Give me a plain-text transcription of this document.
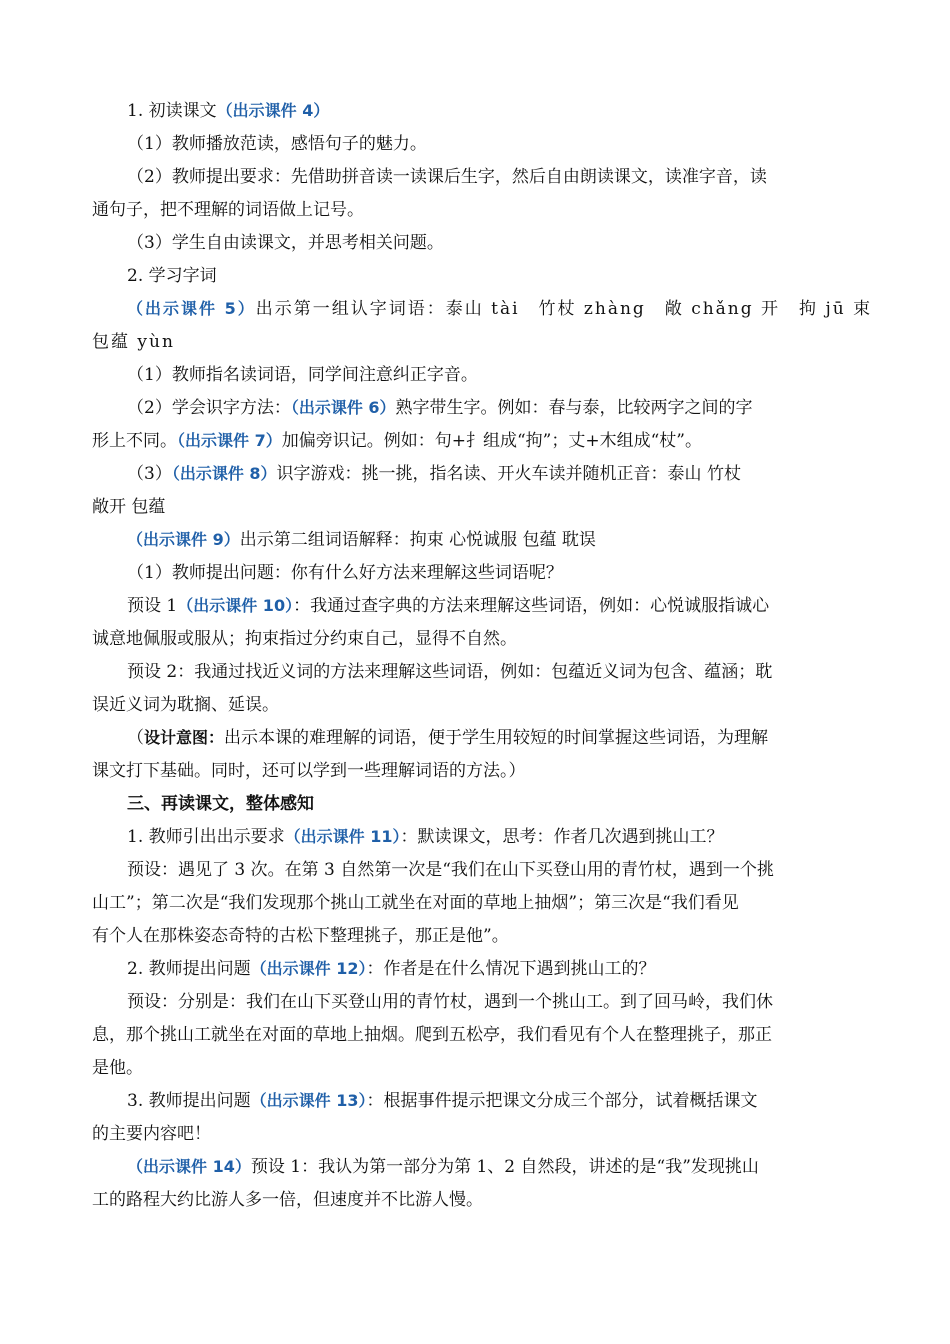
1. 初读课文（出示课件 4）
（1）教师播放范读，感悟句子的魅力。
（2）教师提出要求：先借助拼音读一读课后生字，然后自由朗读课文，读准字音，读
通句子，把不理解的词语做上记号。
（3）学生自由读课文，并思考相关问题。
2. 学习字词
（出示课件 5）出示第一组认字词语：泰山 tài　竹杖 zhàng　敞 chǎng 开　拘 jū 束
包蕴 yùn
（1）教师指名读词语，同学间注意纠正字音。
（2）学会识字方法：（出示课件 6）熟字带生字。例如：春与泰，比较两字之间的字
形上不同。（出示课件 7）加偏旁识记。例如：句+扌组成“拘”；丈+木组成“杖”。
（3）（出示课件 8）识字游戏：挑一挑，指名读、开火车读并随机正音：泰山 竹杖
敞开 包蕴
（出示课件 9）出示第二组词语解释：拘束 心悦诚服 包蕴 耽误
（1）教师提出问题：你有什么好方法来理解这些词语呢？
预设 1（出示课件 10）：我通过查字典的方法来理解这些词语，例如：心悦诚服指诚心
诚意地佩服或服从；拘束指过分约束自己，显得不自然。
预设 2：我通过找近义词的方法来理解这些词语，例如：包蕴近义词为包含、蕴涵；耽
误近义词为耽搁、延误。
（设计意图：出示本课的难理解的词语，便于学生用较短的时间掌握这些词语，为理解
课文打下基础。同时，还可以学到一些理解词语的方法。）
三、再读课文，整体感知
1. 教师引出出示要求（出示课件 11）：默读课文，思考：作者几次遇到挑山工？
预设：遇见了 3 次。在第 3 自然第一次是“我们在山下买登山用的青竹杖，遇到一个挑
山工”；第二次是“我们发现那个挑山工就坐在对面的草地上抽烟”；第三次是“我们看见
有个人在那株姿态奇特的古松下整理挑子，那正是他”。
2. 教师提出问题（出示课件 12）：作者是在什么情况下遇到挑山工的？
预设：分别是：我们在山下买登山用的青竹杖，遇到一个挑山工。到了回马岭，我们休
息，那个挑山工就坐在对面的草地上抽烟。爬到五松亭，我们看见有个人在整理挑子，那正
是他。
3. 教师提出问题（出示课件 13）：根据事件提示把课文分成三个部分，试着概括课文
的主要内容吧！
（出示课件 14）预设 1：我认为第一部分为第 1、2 自然段，讲述的是“我”发现挑山
工的路程大约比游人多一倍，但速度并不比游人慢。
